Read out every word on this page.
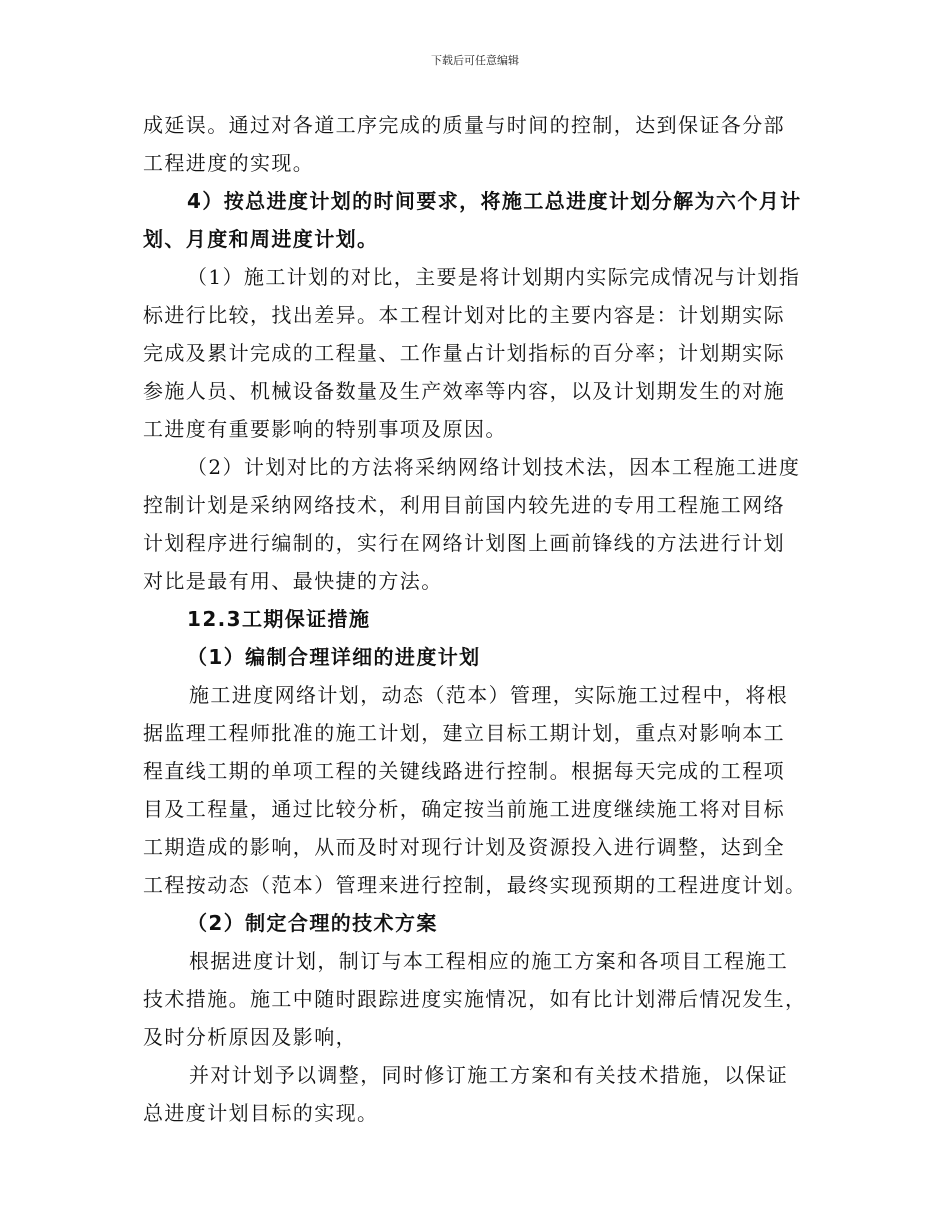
下载后可任意编辑
成延误。通过对各道工序完成的质量与时间的控制，达到保证各分部
工程进度的实现。
4）按总进度计划的时间要求，将施工总进度计划分解为六个月计
划、月度和周进度计划。
（1）施工计划的对比，主要是将计划期内实际完成情况与计划指
标进行比较，找出差异。本工程计划对比的主要内容是：计划期实际
完成及累计完成的工程量、工作量占计划指标的百分率；计划期实际
参施人员、机械设备数量及生产效率等内容，以及计划期发生的对施
工进度有重要影响的特别事项及原因。
（2）计划对比的方法将采纳网络计划技术法，因本工程施工进度
控制计划是采纳网络技术，利用目前国内较先进的专用工程施工网络
计划程序进行编制的，实行在网络计划图上画前锋线的方法进行计划
对比是最有用、最快捷的方法。
12.3工期保证措施
（1）编制合理详细的进度计划
施工进度网络计划，动态（范本）管理，实际施工过程中，将根
据监理工程师批准的施工计划，建立目标工期计划，重点对影响本工
程直线工期的单项工程的关键线路进行控制。根据每天完成的工程项
目及工程量，通过比较分析，确定按当前施工进度继续施工将对目标
工期造成的影响，从而及时对现行计划及资源投入进行调整，达到全
工程按动态（范本）管理来进行控制，最终实现预期的工程进度计划。
（2）制定合理的技术方案
根据进度计划，制订与本工程相应的施工方案和各项目工程施工
技术措施。施工中随时跟踪进度实施情况，如有比计划滞后情况发生，
及时分析原因及影响，
并对计划予以调整，同时修订施工方案和有关技术措施，以保证
总进度计划目标的实现。
